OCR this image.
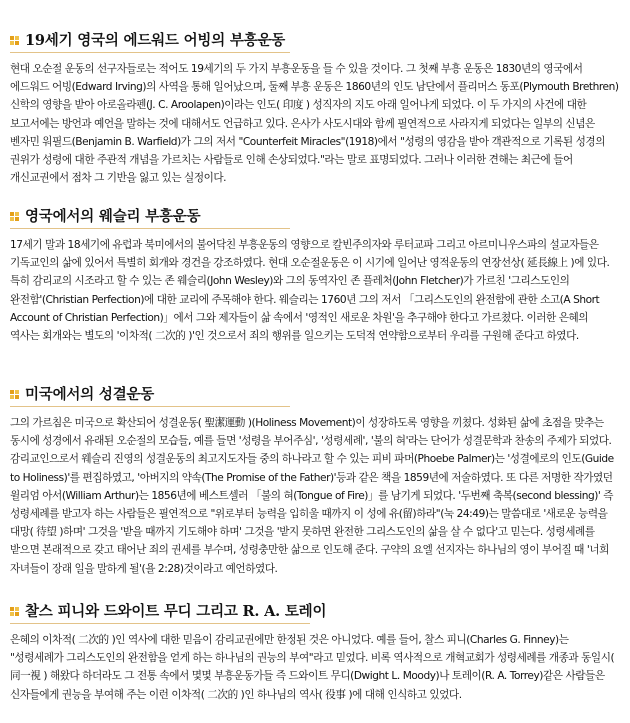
19세기 영국의 에드워드 어빙의 부흥운동

현대 오순절 운동의 선구자들로는 적어도 19세기의 두 가지 부흥운동을 들 수 있을 것이다. 그 첫째 부흥 운동은 1830년의 영국에서 에드워드 어빙(Edward Irving)의 사역을 통해 일어났으며, 둘째 부흥 운동은 1860년의 인도 남단에서 플리머스 동포(Plymouth Brethren) 신학의 영향을 받아 아로올라펜(J. C. Aroolapen)이라는 인도( 印度 ) 성직자의 지도 아래 일어나게 되었다. 이 두 가지의 사건에 대한 보고서에는 방언과 예언을 말하는 것에 대해서도 언급하고 있다. 은사가 사도시대와 함께 필연적으로 사라지게 되었다는 일부의 신념은 벤자민 워필드(Benjamin B. Warfield)가 그의 저서 "Counterfeit Miracles"(1918)에서 "성령의 영감을 받아 객관적으로 기록된 성경의 권위가 성령에 대한 주관적 개념을 가르치는 사람들로 인해 손상되었다."라는 말로 표명되었다. 그러나 이러한 견해는 최근에 들어 개신교권에서 점차 그 기반을 잃고 있는 실정이다.

영국에서의 웨슬리 부흥운동

17세기 말과 18세기에 유럽과 북미에서의 불어닥친 부흥운동의 영향으로 칼빈주의자와 루터교파 그리고 아르미니우스파의 설교자들은 기독교인의 삶에 있어서 특별히 회개와 경건을 강조하였다. 현대 오순절운동은 이 시기에 일어난 영적운동의 연장선상( 延長線上 )에 있다. 특히 감리교의 시조라고 할 수 있는 존 웨슬리(John Wesley)와 그의 동역자인 존 플레처(John Fletcher)가 가르친 '그리스도인의 완전함'(Christian Perfection)에 대한 교리에 주목해야 한다. 웨슬리는 1760년 그의 저서 「그리스도인의 완전함에 관한 소고(A Short Account of Christian Perfection)」에서 그와 제자들이 삶 속에서 '영적인 새로운 차원'을 추구해야 한다고 가르쳤다. 이러한 은혜의 역사는 회개와는 별도의 '이차적( 二次的 )'인 것으로서 죄의 행위를 일으키는 도덕적 연약함으로부터 우리를 구원해 준다고 하였다.

미국에서의 성결운동

그의 가르침은 미국으로 확산되어 성결운동( 聖潔運動 )(Holiness Movement)이 성장하도록 영향을 끼쳤다. 성화된 삶에 초점을 맞추는 동시에 성경에서 유래된 오순절의 모습들, 예를 들면 '성령을 부어주심', '성령세례', '불의 혀'라는 단어가 성결문학과 찬송의 주제가 되었다. 감리교인으로서 웨슬리 진영의 성결운동의 최고지도자들 중의 하나라고 할 수 있는 피비 파머(Phoebe Palmer)는 '성결에로의 인도(Guide to Holiness)'를 편집하였고, '아버지의 약속(The Promise of the Father)'등과 같은 책을 1859년에 저술하였다. 또 다른 저명한 작가였던 윌리엄 아서(William Arthur)는 1856년에 베스트셀러 「불의 혀(Tongue of Fire)」를 남기게 되었다. '두번째 축복(second blessing)' 즉 성령세례를 받고자 하는 사람들은 필연적으로 "위로부터 능력을 입히울 때까지 이 성에 유(留)하라"(눅 24:49)는 말씀대로 '새로운 능력을 대망( 待望 )하며' 그것을 '받을 때까지 기도해야 하며' 그것을 '받지 못하면 완전한 그리스도인의 삶을 살 수 없다'고 믿는다. 성령세례를 받으면 본래적으로 갖고 태어난 죄의 권세를 부수며, 성령충만한 삶으로 인도해 준다. 구약의 요엘 선지자는 하나님의 영이 부어질 때 '너희 자녀들이 장래 일을 말하게 될'(욜 2:28)것이라고 예언하였다.

찰스 피니와 드와이트 무디 그리고 R. A. 토레이

은혜의 이차적( 二次的 )인 역사에 대한 믿음이 감리교권에만 한정된 것은 아니었다. 예를 들어, 찰스 피니(Charles G. Finney)는 "성령세례가 그리스도인의 완전함을 얻게 하는 하나님의 권능의 부여"라고 믿었다. 비록 역사적으로 개혁교회가 성령세례를 개종과 동일시( 同一視 ) 해왔다 하더라도 그 전통 속에서 몇몇 부흥운동가들 즉 드와이트 무디(Dwight L. Moody)나 토레이(R. A. Torrey)같은 사람들은 신자들에게 권능을 부여해 주는 이런 이차적( 二次的 )인 하나님의 역사( 役事 )에 대해 인식하고 있었다.
